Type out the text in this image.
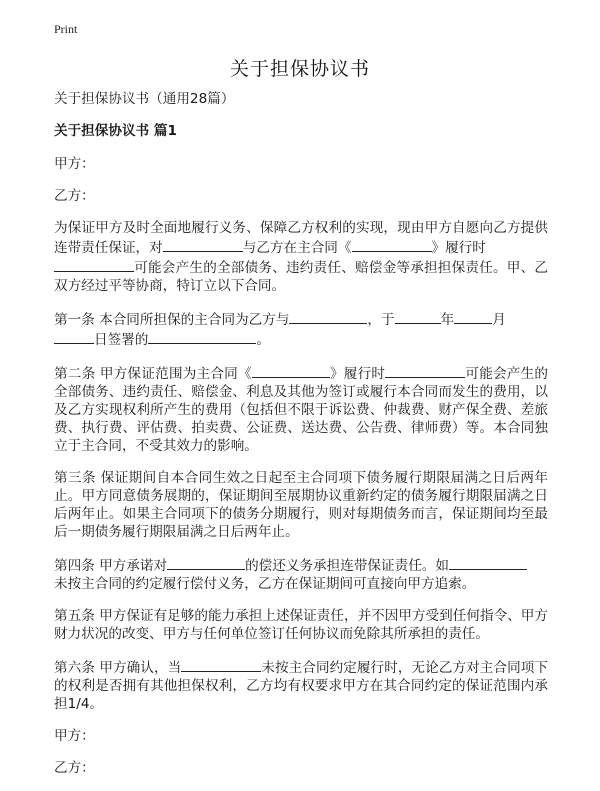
Print
关于担保协议书

关于担保协议书（通用28篇）

关于担保协议书 篇1

甲方：

乙方：

为保证甲方及时全面地履行义务、保障乙方权利的实现，现由甲方自愿向乙方提供连带责任保证，对	与乙方在主合同《	》履行时
可能会产生的全部债务、违约责任、赔偿金等承担担保责任。甲、乙双方经过平等协商，特订立以下合同。

第一条 本合同所担保的主合同为乙方与	，于	年	月
日签署的	。

第二条 甲方保证范围为主合同《	》履行时	可能会产生的全部债务、违约责任、赔偿金、利息及其他为签订或履行本合同而发生的费用，以及乙方实现权利所产生的费用（包括但不限于诉讼费、仲裁费、财产保全费、差旅费、执行费、评估费、拍卖费、公证费、送达费、公告费、律师费）等。本合同独立于主合同，不受其效力的影响。

第三条 保证期间自本合同生效之日起至主合同项下债务履行期限届满之日后两年止。甲方同意债务展期的，保证期间至展期协议重新约定的债务履行期限届满之日后两年止。如果主合同项下的债务分期履行，则对每期债务而言，保证期间均至最后一期债务履行期限届满之日后两年止。

第四条 甲方承诺对	的偿还义务承担连带保证责任。如
未按主合同的约定履行偿付义务，乙方在保证期间可直接向甲方追索。

第五条 甲方保证有足够的能力承担上述保证责任，并不因甲方受到任何指令、甲方财力状况的改变、甲方与任何单位签订任何协议而免除其所承担的责任。

第六条 甲方确认，当	未按主合同约定履行时，无论乙方对主合同项下的权利是否拥有其他担保权利，乙方均有权要求甲方在其合同约定的保证范围内承担1/4。

甲方：

乙方：
